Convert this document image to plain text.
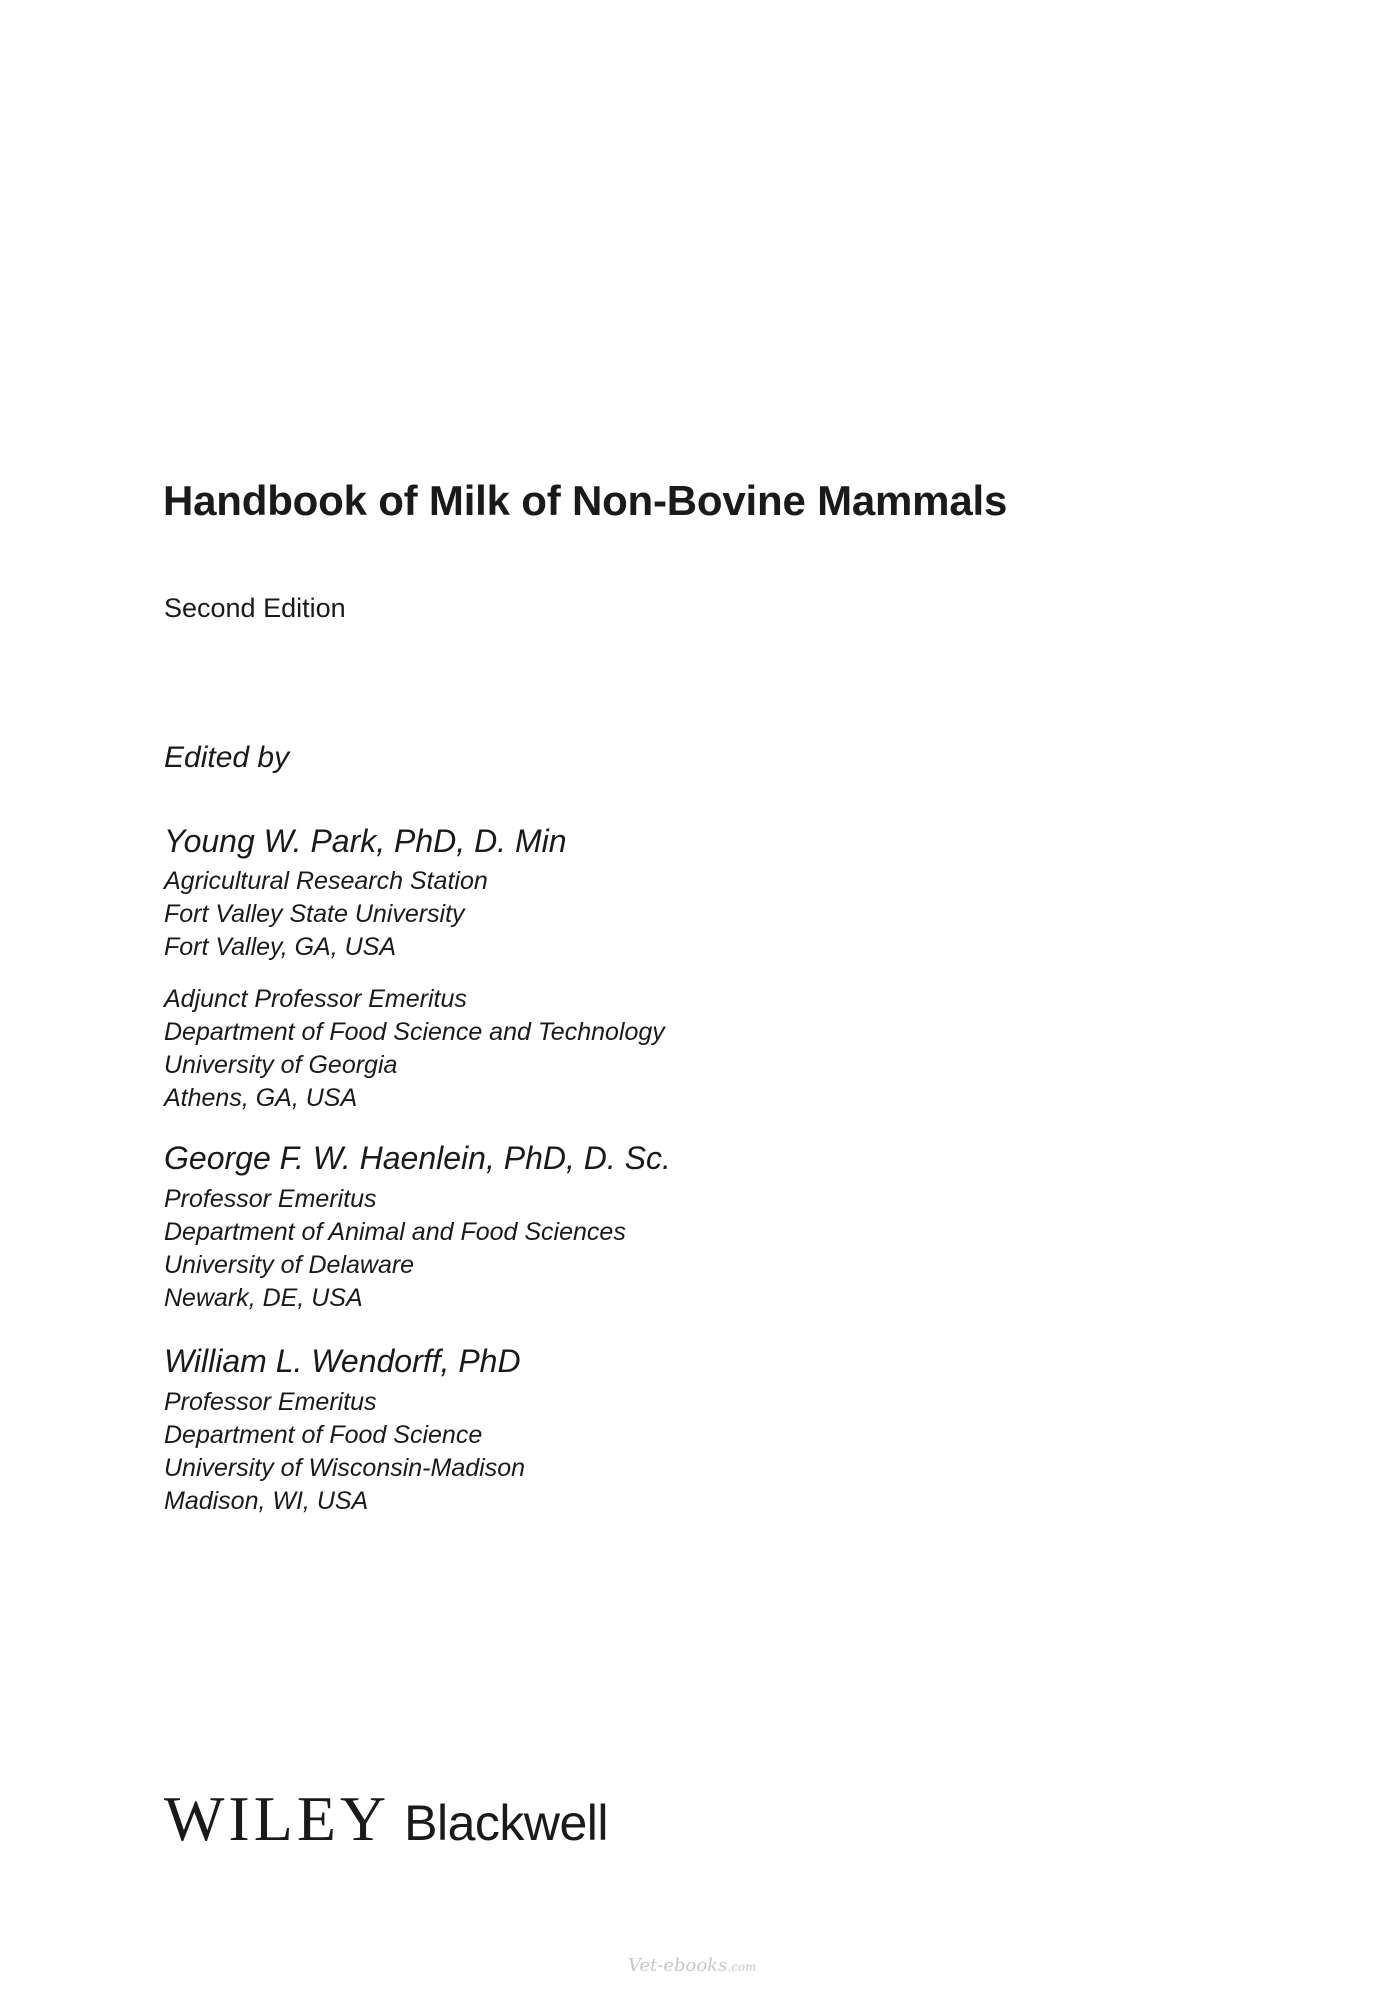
Handbook of Milk of Non-Bovine Mammals
Second Edition
Edited by
Young W. Park, PhD, D. Min
Agricultural Research Station
Fort Valley State University
Fort Valley, GA, USA
Adjunct Professor Emeritus
Department of Food Science and Technology
University of Georgia
Athens, GA, USA
George F. W. Haenlein, PhD, D. Sc.
Professor Emeritus
Department of Animal and Food Sciences
University of Delaware
Newark, DE, USA
William L. Wendorff, PhD
Professor Emeritus
Department of Food Science
University of Wisconsin-Madison
Madison, WI, USA
WILEY Blackwell
Vet-ebooks.com
